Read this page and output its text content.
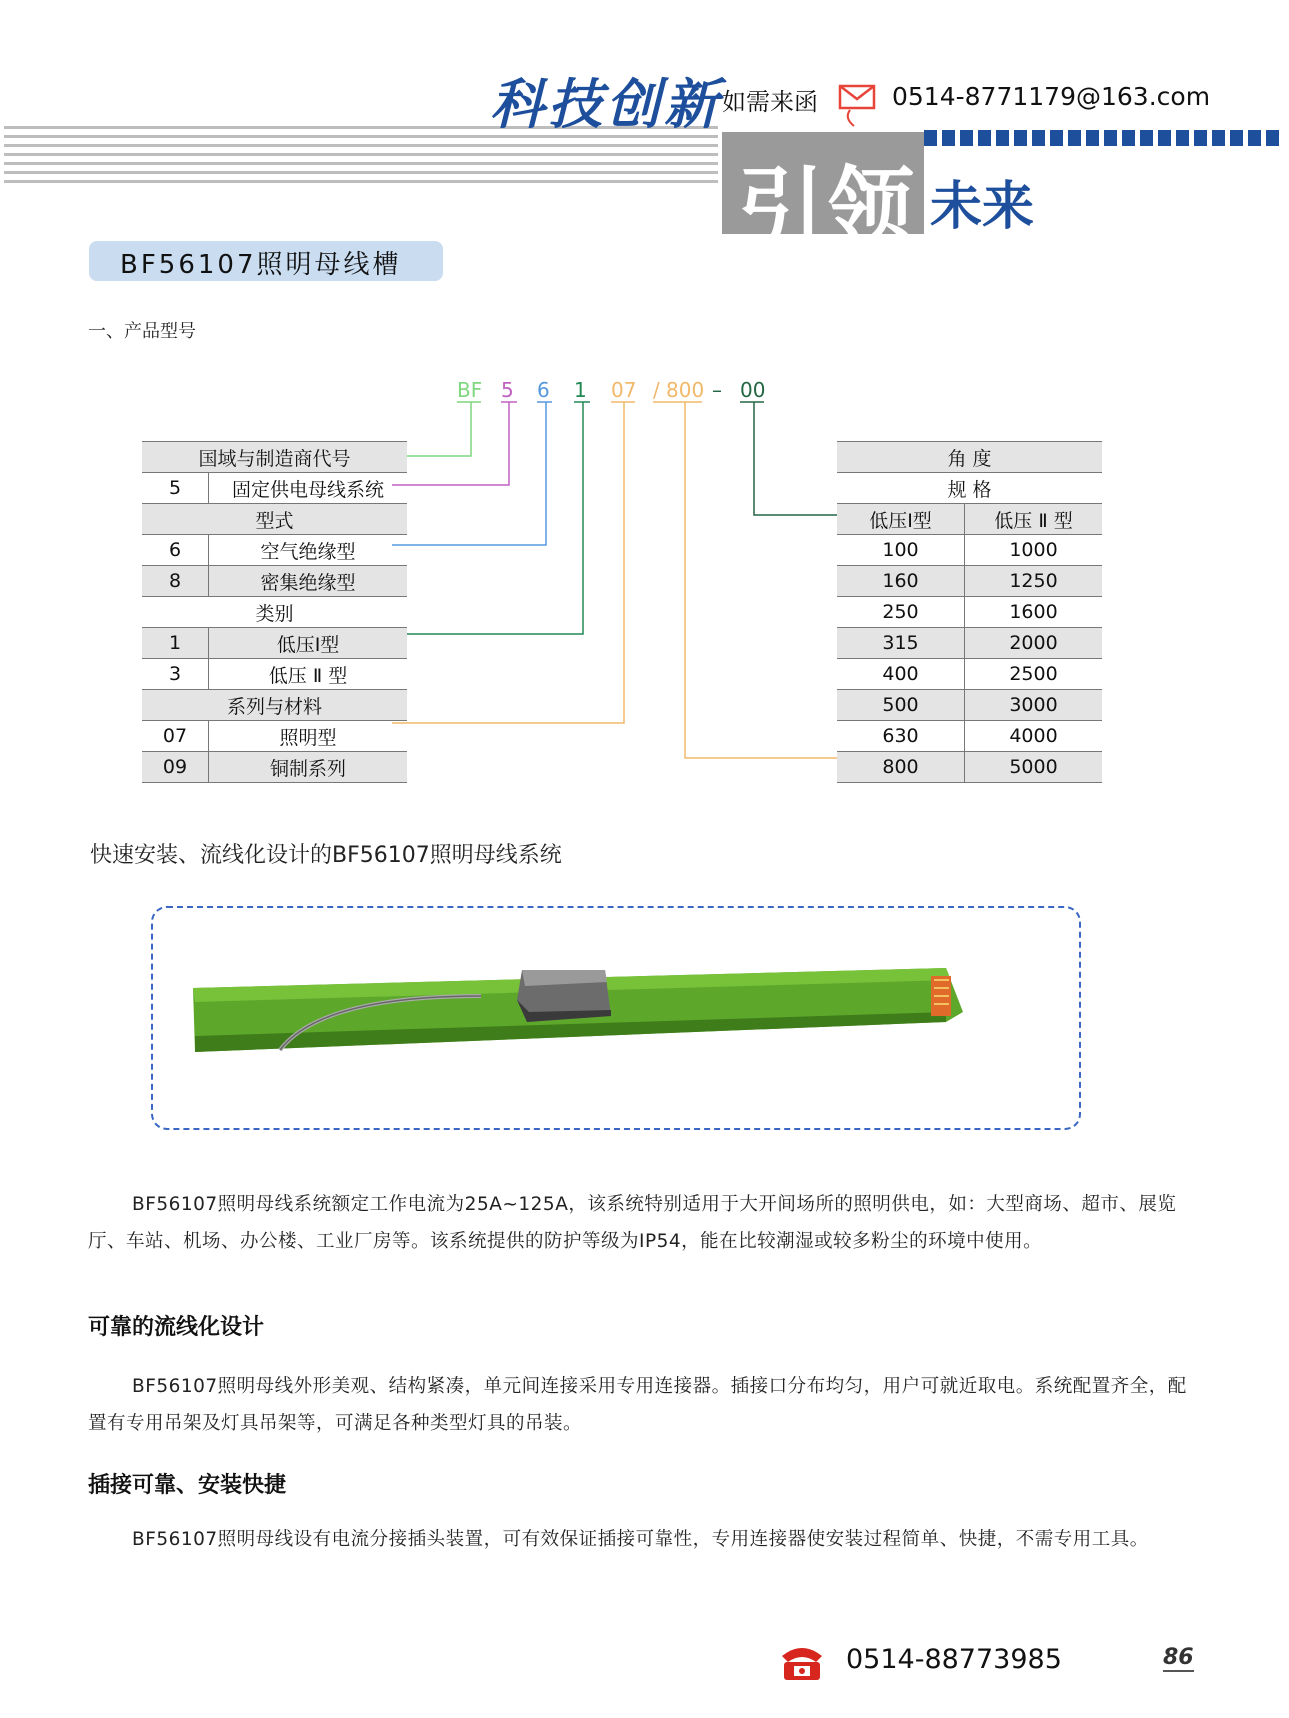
科技创新 如需来函	0514-8771179@163.com
引领 未来
BF56107照明母线槽
一、产品型号
BF 5 6 1 07 / 800 – 00
国域与制造商代号	
5	固定供电母线系统
型式	
6	空气绝缘型
8	密集绝缘型
类别	
1	低压Ⅰ型
3	低压 Ⅱ 型
系列与材料	
07	照明型
09	铜制系列
角 度	
规 格	
低压Ⅰ型	低压 Ⅱ 型
100	1000
160	1250
250	1600
315	2000
400	2500
500	3000
630	4000
800	5000
快速安装、流线化设计的BF56107照明母线系统
BF56107照明母线系统额定工作电流为25A~125A，该系统特别适用于大开间场所的照明供电，如：大型商场、超市、展览厅、车站、机场、办公楼、工业厂房等。该系统提供的防护等级为IP54，能在比较潮湿或较多粉尘的环境中使用。
可靠的流线化设计
BF56107照明母线外形美观、结构紧凑，单元间连接采用专用连接器。插接口分布均匀，用户可就近取电。系统配置齐全，配置有专用吊架及灯具吊架等，可满足各种类型灯具的吊装。
插接可靠、安装快捷
BF56107照明母线设有电流分接插头装置，可有效保证插接可靠性，专用连接器使安装过程简单、快捷，不需专用工具。
0514-88773985	86
